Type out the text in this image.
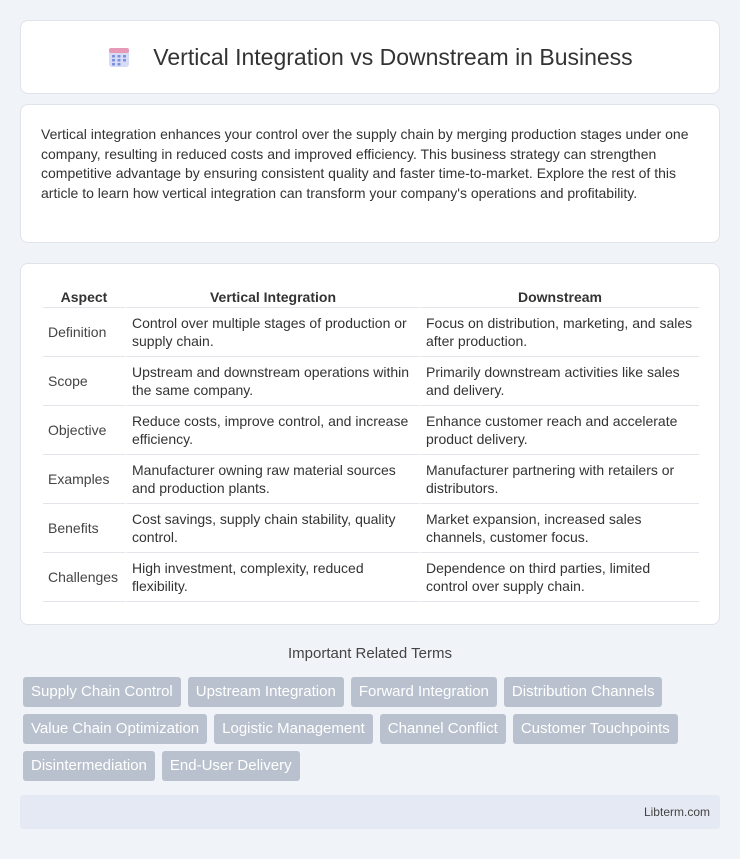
Vertical Integration vs Downstream in Business

Vertical integration enhances your control over the supply chain by merging production stages under one company, resulting in reduced costs and improved efficiency. This business strategy can strengthen competitive advantage by ensuring consistent quality and faster time-to-market. Explore the rest of this article to learn how vertical integration can transform your company's operations and profitability.

Aspect	Vertical Integration	Downstream
Definition	Control over multiple stages of production or supply chain.	Focus on distribution, marketing, and sales after production.
Scope	Upstream and downstream operations within the same company.	Primarily downstream activities like sales and delivery.
Objective	Reduce costs, improve control, and increase efficiency.	Enhance customer reach and accelerate product delivery.
Examples	Manufacturer owning raw material sources and production plants.	Manufacturer partnering with retailers or distributors.
Benefits	Cost savings, supply chain stability, quality control.	Market expansion, increased sales channels, customer focus.
Challenges	High investment, complexity, reduced flexibility.	Dependence on third parties, limited control over supply chain.
Important Related Terms
Supply Chain Control	Upstream Integration	Forward Integration	Distribution Channels
Value Chain Optimization	Logistic Management	Channel Conflict	Customer Touchpoints
Disintermediation	End-User Delivery
Libterm.com
